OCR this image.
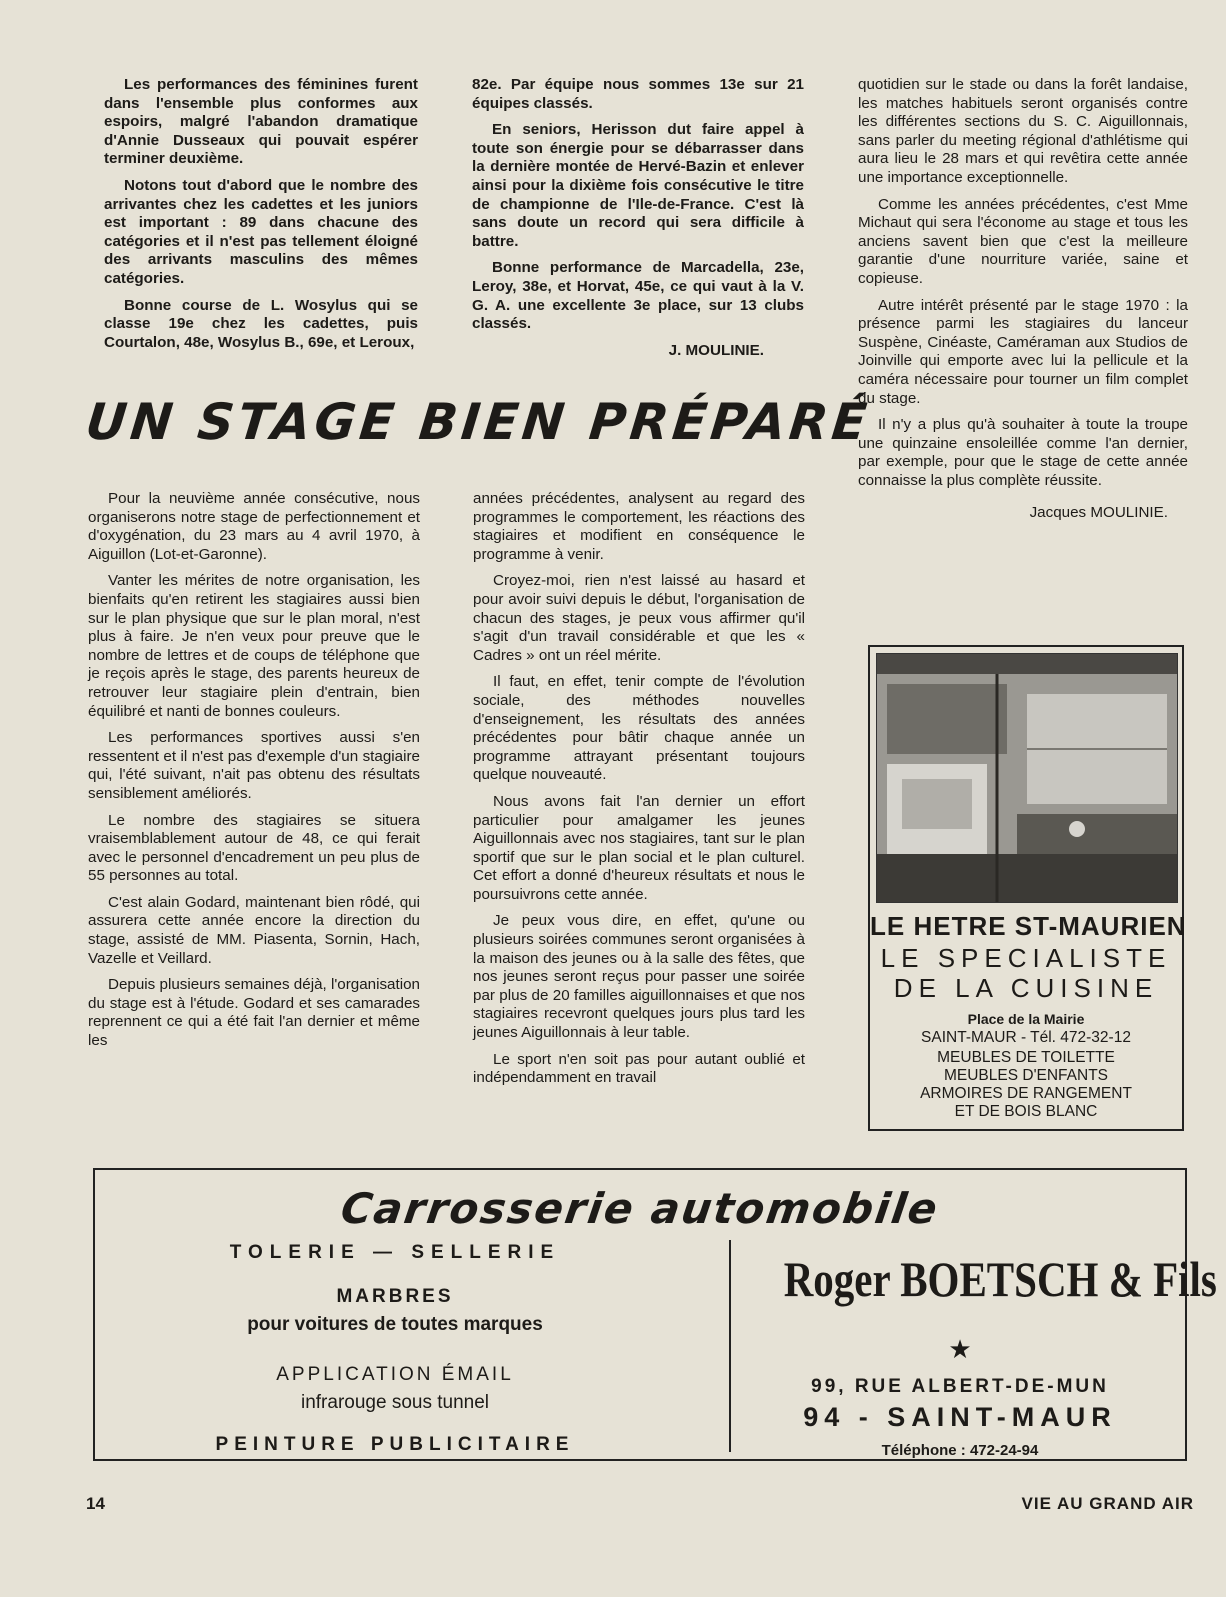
Les performances des féminines furent dans l'ensemble plus conformes aux espoirs, malgré l'abandon dramatique d'Annie Dusseaux qui pouvait espérer terminer deuxième.

Notons tout d'abord que le nombre des arrivantes chez les cadettes et les juniors est important : 89 dans chacune des catégories et il n'est pas tellement éloigné des arrivants masculins des mêmes catégories.

Bonne course de L. Wosylus qui se classe 19e chez les cadettes, puis Courtalon, 48e, Wosylus B., 69e, et Leroux,

82e. Par équipe nous sommes 13e sur 21 équipes classés.

En seniors, Herisson dut faire appel à toute son énergie pour se débarrasser dans la dernière montée de Hervé-Bazin et enlever ainsi pour la dixième fois consécutive le titre de championne de l'Ile-de-France. C'est là sans doute un record qui sera difficile à battre.

Bonne performance de Marcadella, 23e, Leroy, 38e, et Horvat, 45e, ce qui vaut à la V. G. A. une excellente 3e place, sur 13 clubs classés.

J. MOULINIE.

UN STAGE BIEN PRÉPARÉ

Pour la neuvième année consécutive, nous organiserons notre stage de perfectionnement et d'oxygénation, du 23 mars au 4 avril 1970, à Aiguillon (Lot-et-Garonne).

Vanter les mérites de notre organisation, les bienfaits qu'en retirent les stagiaires aussi bien sur le plan physique que sur le plan moral, n'est plus à faire. Je n'en veux pour preuve que le nombre de lettres et de coups de téléphone que je reçois après le stage, des parents heureux de retrouver leur stagiaire plein d'entrain, bien équilibré et nanti de bonnes couleurs.

Les performances sportives aussi s'en ressentent et il n'est pas d'exemple d'un stagiaire qui, l'été suivant, n'ait pas obtenu des résultats sensiblement améliorés.

Le nombre des stagiaires se situera vraisemblablement autour de 48, ce qui ferait avec le personnel d'encadrement un peu plus de 55 personnes au total.

C'est alain Godard, maintenant bien rôdé, qui assurera cette année encore la direction du stage, assisté de MM. Piasenta, Sornin, Hach, Vazelle et Veillard.

Depuis plusieurs semaines déjà, l'organisation du stage est à l'étude. Godard et ses camarades reprennent ce qui a été fait l'an dernier et même les

années précédentes, analysent au regard des programmes le comportement, les réactions des stagiaires et modifient en conséquence le programme à venir.

Croyez-moi, rien n'est laissé au hasard et pour avoir suivi depuis le début, l'organisation de chacun des stages, je peux vous affirmer qu'il s'agit d'un travail considérable et que les « Cadres » ont un réel mérite.

Il faut, en effet, tenir compte de l'évolution sociale, des méthodes nouvelles d'enseignement, les résultats des années précédentes pour bâtir chaque année un programme attrayant présentant toujours quelque nouveauté.

Nous avons fait l'an dernier un effort particulier pour amalgamer les jeunes Aiguillonnais avec nos stagiaires, tant sur le plan sportif que sur le plan social et le plan culturel. Cet effort a donné d'heureux résultats et nous le poursuivrons cette année.

Je peux vous dire, en effet, qu'une ou plusieurs soirées communes seront organisées à la maison des jeunes ou à la salle des fêtes, que nos jeunes seront reçus pour passer une soirée par plus de 20 familles aiguillonnaises et que nos stagiaires recevront quelques jours plus tard les jeunes Aiguillonnais à leur table.

Le sport n'en soit pas pour autant oublié et indépendamment en travail

quotidien sur le stade ou dans la forêt landaise, les matches habituels seront organisés contre les différentes sections du S. C. Aiguillonnais, sans parler du meeting régional d'athlétisme qui aura lieu le 28 mars et qui revêtira cette année une importance exceptionnelle.

Comme les années précédentes, c'est Mme Michaut qui sera l'économe au stage et tous les anciens savent bien que c'est la meilleure garantie d'une nourriture variée, saine et copieuse.

Autre intérêt présenté par le stage 1970 : la présence parmi les stagiaires du lanceur Suspène, Cinéaste, Caméraman aux Studios de Joinville qui emporte avec lui la pellicule et la caméra nécessaire pour tourner un film complet du stage.

Il n'y a plus qu'à souhaiter à toute la troupe une quinzaine ensoleillée comme l'an dernier, par exemple, pour que le stage de cette année connaisse la plus complète réussite.

Jacques MOULINIE.

LE HETRE ST-MAURIEN
LE SPECIALISTE
DE LA CUISINE
Place de la Mairie
SAINT-MAUR - Tél. 472-32-12
MEUBLES DE TOILETTE
MEUBLES D'ENFANTS
ARMOIRES DE RANGEMENT
ET DE BOIS BLANC
Carrosserie automobile
TOLERIE — SELLERIE
MARBRES
pour voitures de toutes marques
APPLICATION ÉMAIL
infrarouge sous tunnel
PEINTURE PUBLICITAIRE
Roger BOETSCH & Fils
★
99, RUE ALBERT-DE-MUN
94 - SAINT-MAUR
Téléphone : 472-24-94
14	VIE AU GRAND AIR
